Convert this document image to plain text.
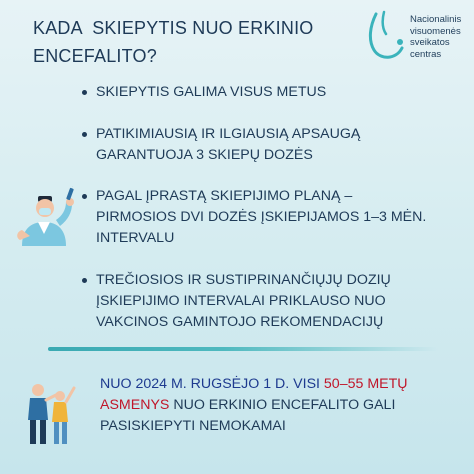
KADA  SKIEPYTIS NUO ERKINIO
ENCEFALITO?
Nacionalinis
visuomenės
sveikatos
centras
SKIEPYTIS GALIMA VISUS METUS
PATIKIMIAUSIĄ IR ILGIAUSIĄ APSAUGĄ
GARANTUOJA 3 SKIEPŲ DOZĖS
PAGAL ĮPRASTĄ SKIEPIJIMO PLANĄ –
PIRMOSIOS DVI DOZĖS ĮSKIEPIJAMOS 1–3 MĖN.
INTERVALU
TREČIOSIOS IR SUSTIPRINANČIŲJŲ DOZIŲ
ĮSKIEPIJIMO INTERVALAI PRIKLAUSO NUO
VAKCINOS GAMINTOJO REKOMENDACIJŲ
NUO 2024 M. RUGSĖJO 1 D. VISI 50–55 METŲ
ASMENYS NUO ERKINIO ENCEFALITO GALI
PASISKIEPYTI NEMOKAMAI
